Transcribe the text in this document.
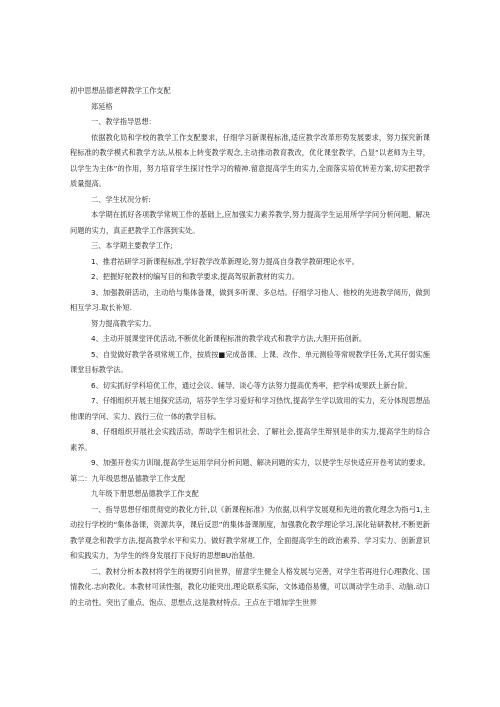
初中思想品德老牌教学工作支配

郑延格

一、教学指导思想：

依据教化局和学校的教学工作支配要求，仔细学习新课程标准,适应教学改革形势发展要求，努力探究新课程标准的教学模式和教学方法,从根本上转变教学观念,主动推动教育教改，优化课堂教学，凸显“以老师为主导，以学生为主体”的作用，努力培育学生探讨性学习的精神.留意提高学生的实力,全面落实培优转差方案,切实把教学质量提高。

二、学生状况分析:

本学期在抓好各项教学常规工作的基础上,应加强实力素养教学,努力提高学生运用所学学问分析问题、解决问题的实力，真正把教学工作落到实处。

三、本学期主要教学工作;

1、推君祜研学习新课程标准,学好教学改革新理论,努力提高自身教学教研理论水平。

2、把握好驼教材的编写目的和教学要求,提高驾驭新教材的实力。

3、加强教研活动，主动给与集体备课，做到多听课、多总结。仔细学习他人、他校的先进教学阅历，做到相互学习.取长补短.

努力提高教学实力。

4、主动开展课堂评优活动,不断优化新课程标准的教学戏式和教学方法,大胆开拓创新。

5、自觉做好教学各项常规工作，按质按■完成备课、上课、改作、单元测验等常规教学任务,尤其仔弱实施课堂目标教学法。

6、切实抓好学科培优工作，通过会议、辅导、谈心等方法努力提高优秀率，把学科成果跃上新台阶。

7、仔细组织开展主旭探究活动，培芬学生学习爱好和学习热忱,提高学生学以致用的实力，充分体现思想品他课的学问、实力、践行三位一体的教学目标。

8、仔细组织开展社会实践活动，帮助学生相识社会、了解社会,提高学生辩别是非的实力,提高学生的综合素养。

9、加强开卷实力训瑞,提高学生运用学问分析问题、解决问题的实力，以使学生尽快适应开卷考试的要求。第二：九年级思想品德教学工作支配

九年级下册思想品德教学工作支配

一、指导思想仔细贯彻党的教化方针,以《新课程标准》为依据,以科学发展观和先进的教化理念为指弓1,主动拉行学校的“集体备课，资源共享，课后反思”的集体备课制度，加强教化教学理论学习,深化钻研教材,不断更新教学观念和教学方法,提高教学水平和实力。做好教学常规工作，全面提高学生的政治素养、学习实力、创新意识和实践实力，为学生的终身发展打下良好的思想BU治基他.

二、教材分析本教材将学生的视野引向世界，留意学生健全人格发展与完善，对学生若再进行心理教化、国情教化.志向教化。本教材可读性强，教化功能突出,理论联系实际，文体通俗易懂，可以调动学生动手、动脑.动口的主动性。突出了重点、饱点、思想点,这是教材特点。王点在于增加学生世界
